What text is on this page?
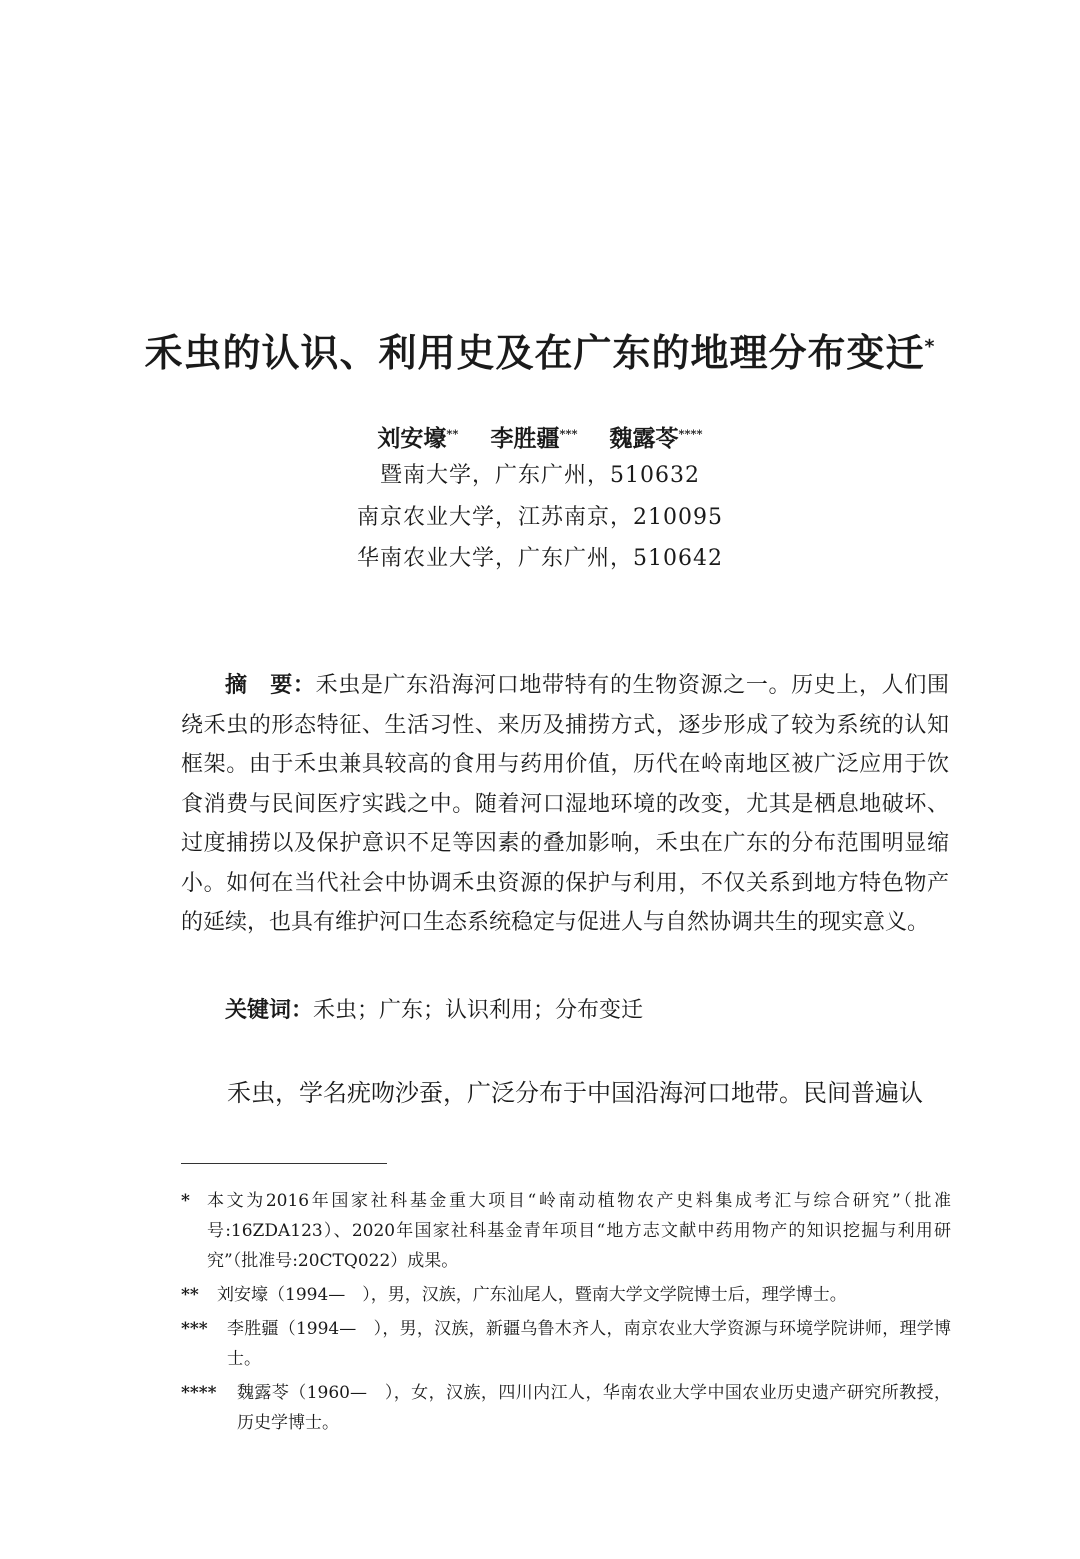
禾虫的认识、利用史及在广东的地理分布变迁*
刘安壕** 李胜疆*** 魏露苓****
暨南大学，广东广州，510632
南京农业大学，江苏南京，210095
华南农业大学，广东广州，510642

摘　要：禾虫是广东沿海河口地带特有的生物资源之一。历史上，人们围绕禾虫的形态特征、生活习性、来历及捕捞方式，逐步形成了较为系统的认知框架。由于禾虫兼具较高的食用与药用价值，历代在岭南地区被广泛应用于饮食消费与民间医疗实践之中。随着河口湿地环境的改变，尤其是栖息地破坏、过度捕捞以及保护意识不足等因素的叠加影响，禾虫在广东的分布范围明显缩小。如何在当代社会中协调禾虫资源的保护与利用，不仅关系到地方特色物产的延续，也具有维护河口生态系统稳定与促进人与自然协调共生的现实意义。

关键词：禾虫；广东；认识利用；分布变迁

禾虫，学名疣吻沙蚕，广泛分布于中国沿海河口地带。民间普遍认

*	本文为2016年国家社科基金重大项目“岭南动植物农产史料集成考汇与综合研究”（批准号:16ZDA123）、2020年国家社科基金青年项目“地方志文献中药用物产的知识挖掘与利用研究”（批准号:20CTQ022）成果。
**	刘安壕（1994—　），男，汉族，广东汕尾人，暨南大学文学院博士后，理学博士。
***	李胜疆（1994—　），男，汉族，新疆乌鲁木齐人，南京农业大学资源与环境学院讲师，理学博士。
****	魏露苓（1960—　），女，汉族，四川内江人，华南农业大学中国农业历史遗产研究所教授，历史学博士。
